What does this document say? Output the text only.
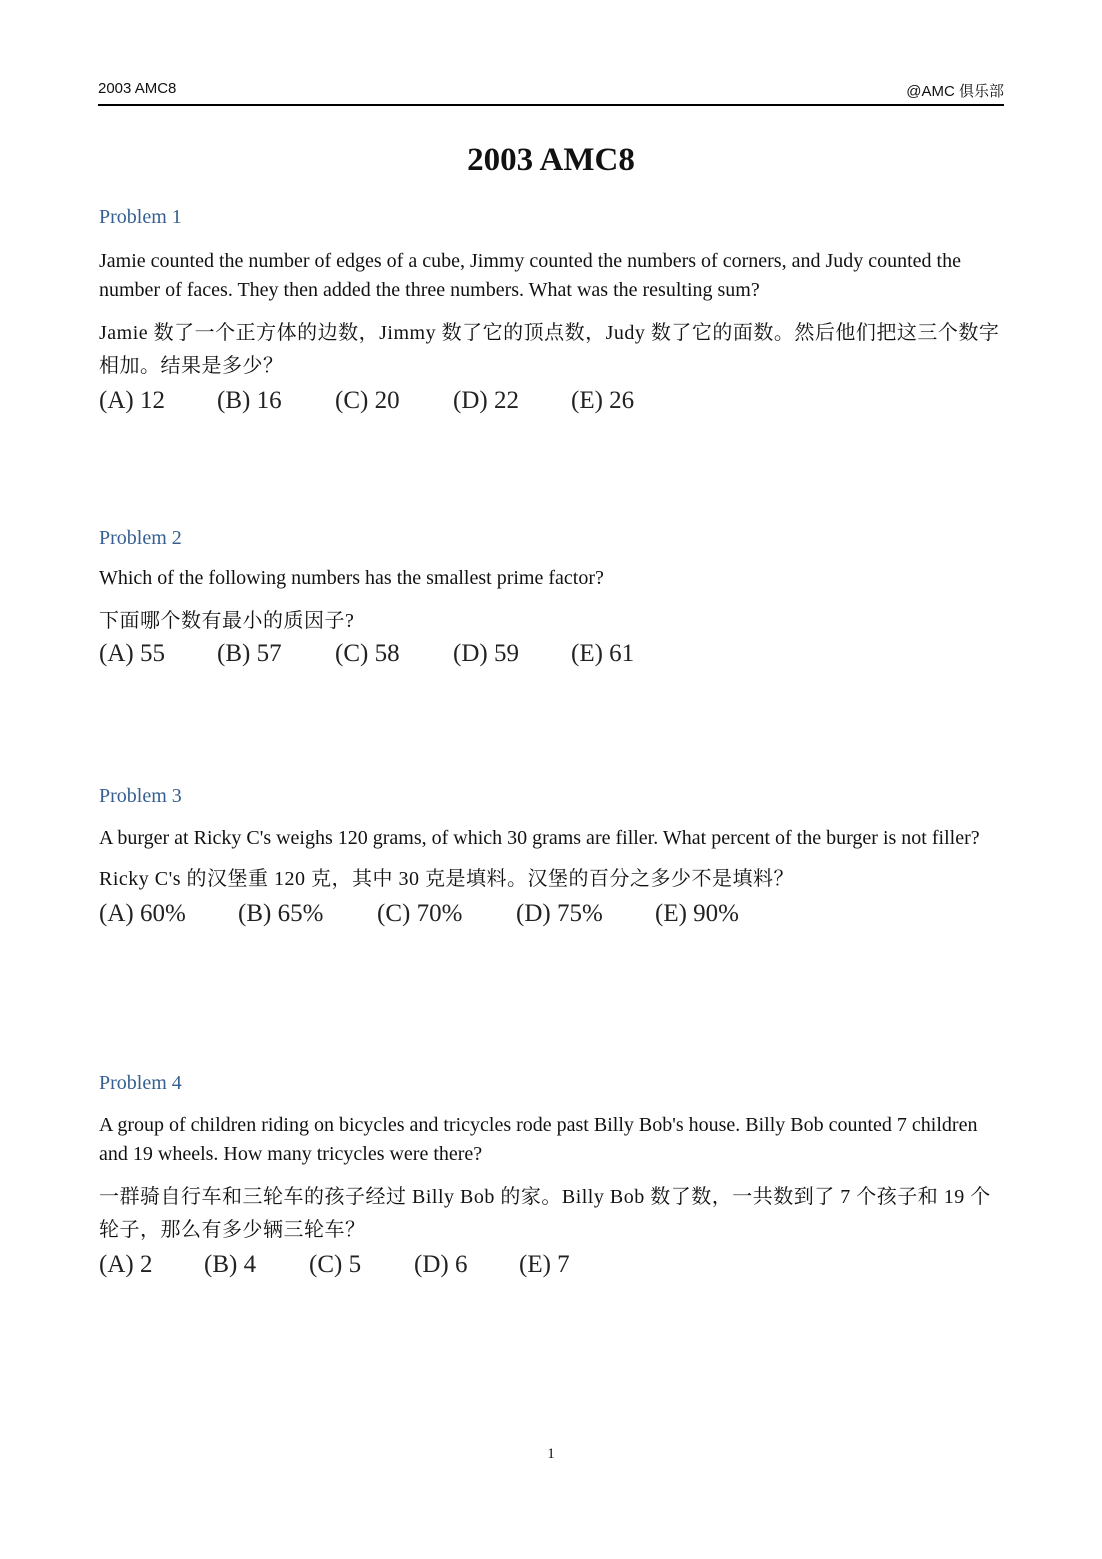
2003 AMC8	@AMC 俱乐部
2003 AMC8

Problem 1

Jamie counted the number of edges of a cube, Jimmy counted the numbers of corners, and Judy counted the number of faces. They then added the three numbers. What was the resulting sum?

Jamie 数了一个正方体的边数，Jimmy 数了它的顶点数，Judy 数了它的面数。然后他们把这三个数字相加。结果是多少？

(A) 12 (B) 16 (C) 20 (D) 22 (E) 26

Problem 2

Which of the following numbers has the smallest prime factor?

下面哪个数有最小的质因子?

(A) 55 (B) 57 (C) 58 (D) 59 (E) 61

Problem 3

A burger at Ricky C's weighs 120 grams, of which 30 grams are filler. What percent of the burger is not filler?

Ricky C's 的汉堡重 120 克，其中 30 克是填料。汉堡的百分之多少不是填料？

(A) 60% (B) 65% (C) 70% (D) 75% (E) 90%

Problem 4

A group of children riding on bicycles and tricycles rode past Billy Bob's house. Billy Bob counted 7 children and 19 wheels. How many tricycles were there?

一群骑自行车和三轮车的孩子经过 Billy Bob 的家。Billy Bob 数了数，一共数到了 7 个孩子和 19 个轮子，那么有多少辆三轮车？

(A) 2 (B) 4 (C) 5 (D) 6 (E) 7

1
